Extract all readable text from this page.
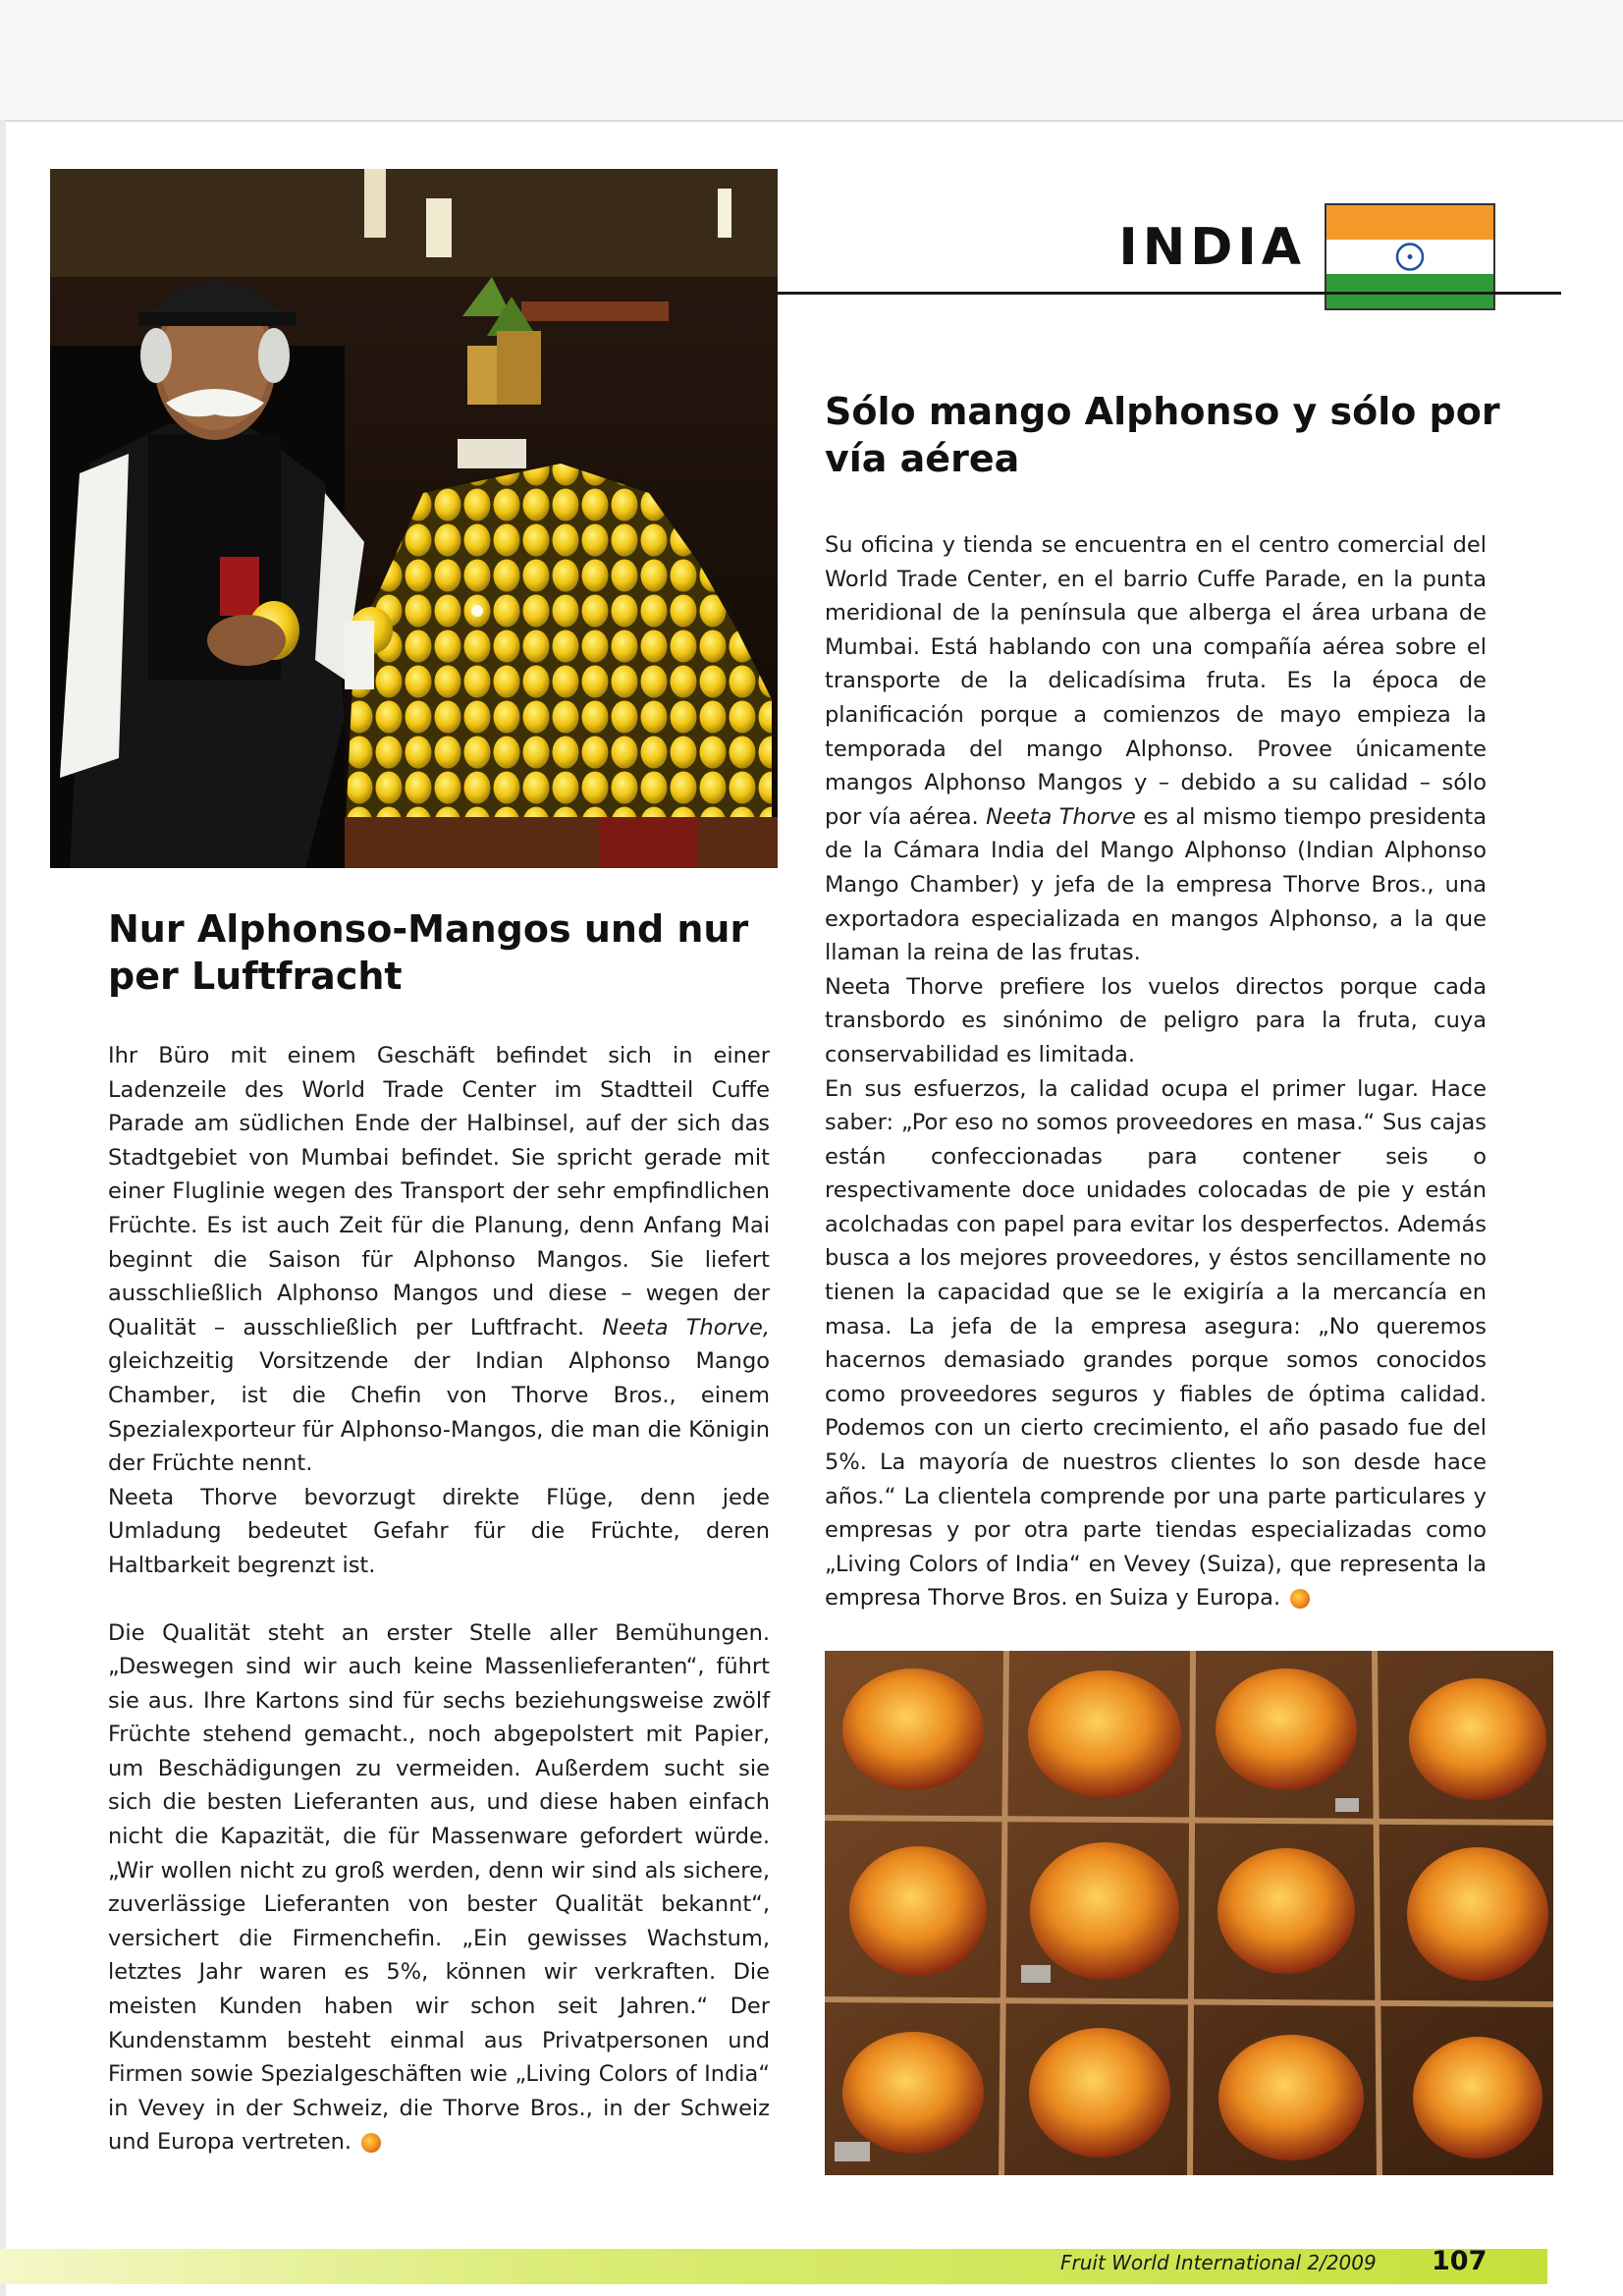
INDIA
Sólo mango Alphonso y sólo por vía aérea

Su oficina y tienda se encuentra en el centro comercial del World Trade Center, en el barrio Cuffe Parade, en la punta meridional de la península que alberga el área urbana de Mumbai. Está hablando con una compañía aérea sobre el transporte de la delicadísima fruta. Es la época de planificación porque a comienzos de mayo empieza la temporada del mango Alphonso. Provee únicamente mangos Alphonso Mangos y – debido a su calidad – sólo por vía aérea. Neeta Thorve es al mismo tiempo presidenta de la Cámara India del Mango Alphonso (Indian Alphonso Mango Chamber) y jefa de la empresa Thorve Bros., una exportadora especializada en mangos Alphonso, a la que llaman la reina de las frutas.

Neeta Thorve prefiere los vuelos directos porque cada transbordo es sinónimo de peligro para la fruta, cuya conservabilidad es limitada.

En sus esfuerzos, la calidad ocupa el primer lugar. Hace saber: „Por eso no somos proveedores en masa.“ Sus cajas están confeccionadas para contener seis o respectivamente doce unidades colocadas de pie y están acolchadas con papel para evitar los desperfectos. Además busca a los mejores proveedores, y éstos sencillamente no tienen la capacidad que se le exigiría a la mercancía en masa. La jefa de la empresa asegura: „No queremos hacernos demasiado grandes porque somos conocidos como proveedores seguros y fiables de óptima calidad. Podemos con un cierto crecimiento, el año pasado fue del 5%. La mayoría de nuestros clientes lo son desde hace años.“ La clientela comprende por una parte particulares y empresas y por otra parte tiendas especializadas como „Living Colors of India“ en Vevey (Suiza), que representa la empresa Thorve Bros. en Suiza y Europa.

Nur Alphonso-Mangos und nur per Luftfracht

Ihr Büro mit einem Geschäft befindet sich in einer Ladenzeile des World Trade Center im Stadtteil Cuffe Parade am südlichen Ende der Halbinsel, auf der sich das Stadtgebiet von Mumbai befindet. Sie spricht gerade mit einer Fluglinie wegen des Transport der sehr empfindlichen Früchte. Es ist auch Zeit für die Planung, denn Anfang Mai beginnt die Saison für Alphonso Mangos. Sie liefert ausschließlich Alphonso Mangos und diese – wegen der Qualität – ausschließlich per Luftfracht. Neeta Thorve, gleichzeitig Vorsitzende der Indian Alphonso Mango Chamber, ist die Chefin von Thorve Bros., einem Spezialexporteur für Alphonso-Mangos, die man die Königin der Früchte nennt.

Neeta Thorve bevorzugt direkte Flüge, denn jede Umladung bedeutet Gefahr für die Früchte, deren Haltbarkeit begrenzt ist.

Die Qualität steht an erster Stelle aller Bemühungen. „Deswegen sind wir auch keine Massenlieferanten“, führt sie aus. Ihre Kartons sind für sechs beziehungsweise zwölf Früchte stehend gemacht., noch abgepolstert mit Papier, um Beschädigungen zu vermeiden. Außerdem sucht sie sich die besten Lieferanten aus, und diese haben einfach nicht die Kapazität, die für Massenware gefordert würde. „Wir wollen nicht zu groß werden, denn wir sind als sichere, zuverlässige Lieferanten von bester Qualität bekannt“, versichert die Firmenchefin. „Ein gewisses Wachstum, letztes Jahr waren es 5%, können wir verkraften. Die meisten Kunden haben wir schon seit Jahren.“ Der Kundenstamm besteht einmal aus Privatpersonen und Firmen sowie Spezialgeschäften wie „Living Colors of India“ in Vevey in der Schweiz, die Thorve Bros., in der Schweiz und Europa vertreten.

Fruit World International 2/2009 107
